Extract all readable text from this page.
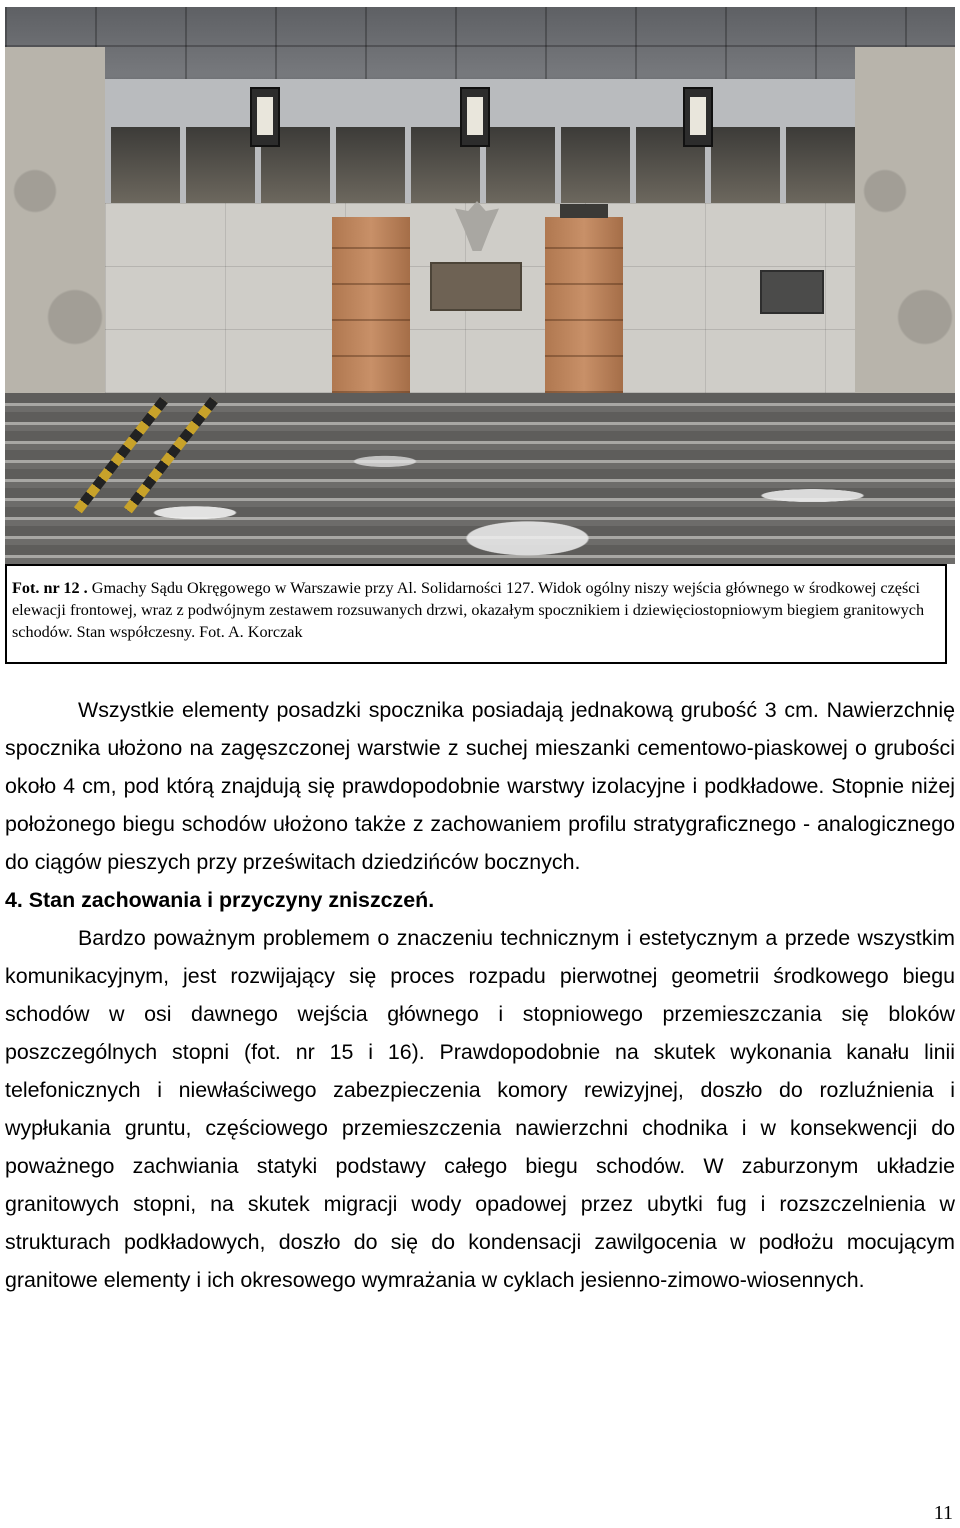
Fot. nr 12 . Gmachy Sądu Okręgowego w Warszawie przy Al. Solidarności 127. Widok ogólny niszy wejścia głównego w środkowej części elewacji frontowej, wraz z podwójnym zestawem rozsuwanych drzwi, okazałym spocznikiem i dziewięciostopniowym biegiem granitowych schodów. Stan współczesny. Fot. A. Korczak

Wszystkie elementy posadzki spocznika posiadają jednakową grubość 3 cm. Nawierzchnię spocznika ułożono na zagęszczonej warstwie z suchej mieszanki cementowo-piaskowej o grubości około 4 cm, pod którą znajdują się prawdopodobnie warstwy izolacyjne i podkładowe. Stopnie niżej położonego biegu schodów ułożono także z zachowaniem profilu stratygraficznego - analogicznego do ciągów pieszych przy prześwitach dziedzińców bocznych.

4. Stan zachowania i przyczyny zniszczeń.

Bardzo poważnym problemem o znaczeniu technicznym i estetycznym a przede wszystkim komunikacyjnym, jest rozwijający się proces rozpadu pierwotnej geometrii środkowego biegu schodów w osi dawnego wejścia głównego i stopniowego przemieszczania się bloków poszczególnych stopni (fot. nr 15 i 16). Prawdopodobnie na skutek wykonania kanału linii telefonicznych i niewłaściwego zabezpieczenia komory rewizyjnej, doszło do rozluźnienia i wypłukania gruntu, częściowego przemieszczenia nawierzchni chodnika i w konsekwencji do poważnego zachwiania statyki podstawy całego biegu schodów. W zaburzonym układzie granitowych stopni, na skutek migracji wody opadowej przez ubytki fug i rozszczelnienia w strukturach podkładowych, doszło do się do kondensacji zawilgocenia w podłożu mocującym granitowe elementy i ich okresowego wymrażania w cyklach jesienno-zimowo-wiosennych.

11
